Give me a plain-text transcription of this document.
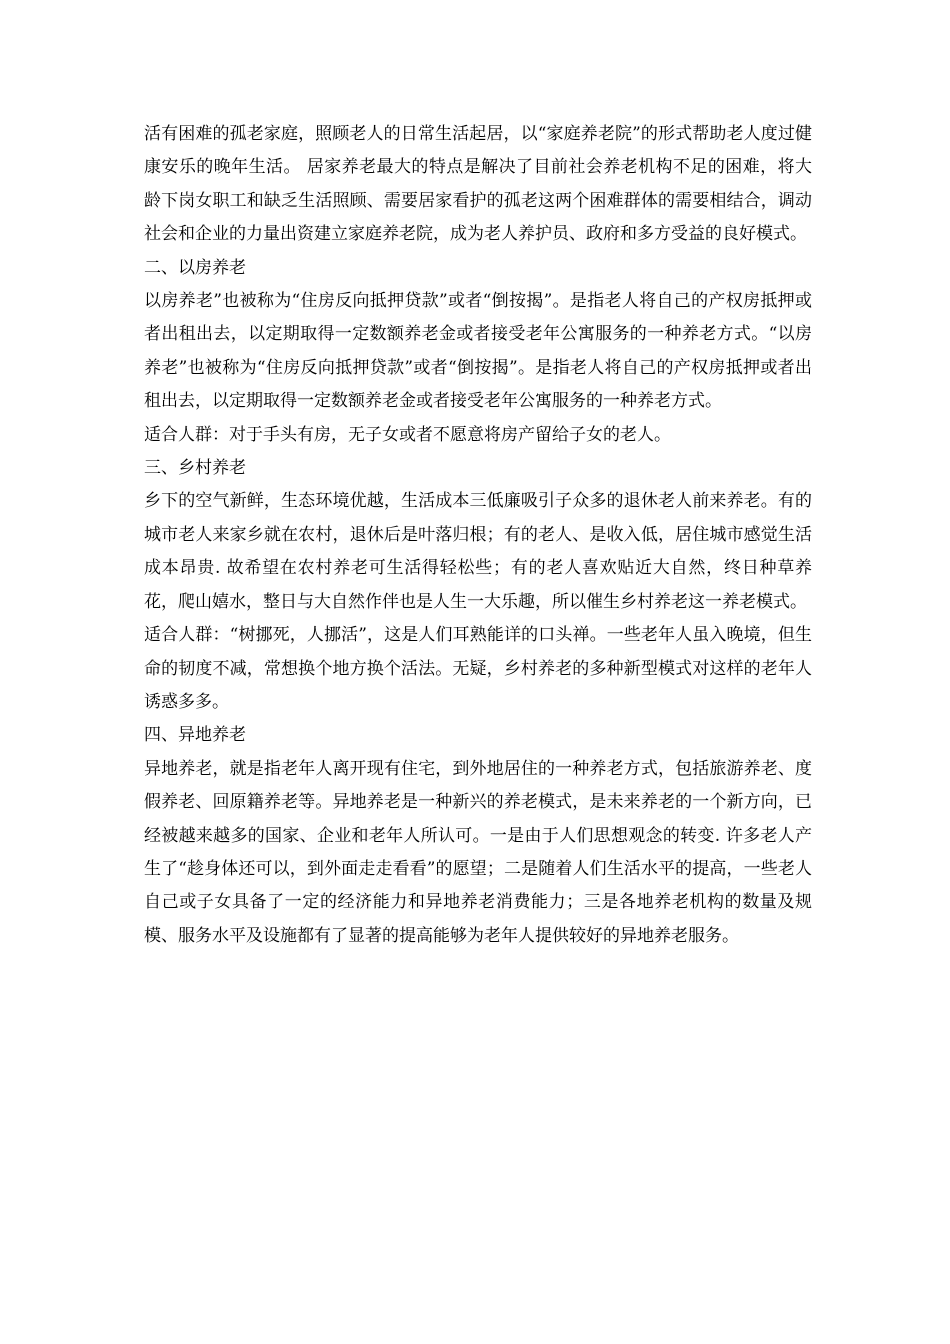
活有困难的孤老家庭，照顾老人的日常生活起居，以“家庭养老院”的形式帮助老人度过健康安乐的晚年生活。 居家养老最大的特点是解决了目前社会养老机构不足的困难，将大龄下岗女职工和缺乏生活照顾、需要居家看护的孤老这两个困难群体的需要相结合，调动社会和企业的力量出资建立家庭养老院，成为老人养护员、政府和多方受益的良好模式。

二、以房养老

以房养老”也被称为“住房反向抵押贷款”或者“倒按揭”。是指老人将自己的产权房抵押或者出租出去，以定期取得一定数额养老金或者接受老年公寓服务的一种养老方式。“以房养老”也被称为“住房反向抵押贷款”或者“倒按揭”。是指老人将自己的产权房抵押或者出租出去，以定期取得一定数额养老金或者接受老年公寓服务的一种养老方式。

适合人群：对于手头有房，无子女或者不愿意将房产留给子女的老人。

三、乡村养老

乡下的空气新鲜，生态环境优越，生活成本三低廉吸引子众多的退休老人前来养老。有的城市老人来家乡就在农村，退休后是叶落归根；有的老人、是收入低，居住城市感觉生活成本昂贵. 故希望在农村养老可生活得轻松些；有的老人喜欢贴近大自然，终日种草养花，爬山嬉水，整日与大自然作伴也是人生一大乐趣，所以催生乡村养老这一养老模式。

适合人群：“树挪死，人挪活”，这是人们耳熟能详的口头禅。一些老年人虽入晚境，但生命的韧度不减，常想换个地方换个活法。无疑，乡村养老的多种新型模式对这样的老年人诱惑多多。

四、异地养老

异地养老，就是指老年人离开现有住宅，到外地居住的一种养老方式，包括旅游养老、度假养老、回原籍养老等。异地养老是一种新兴的养老模式，是未来养老的一个新方向，已经被越来越多的国家、企业和老年人所认可。一是由于人们思想观念的转变. 许多老人产生了“趁身体还可以，到外面走走看看”的愿望；二是随着人们生活水平的提高，一些老人自己或子女具备了一定的经济能力和异地养老消费能力；三是各地养老机构的数量及规模、服务水平及设施都有了显著的提高能够为老年人提供较好的异地养老服务。
